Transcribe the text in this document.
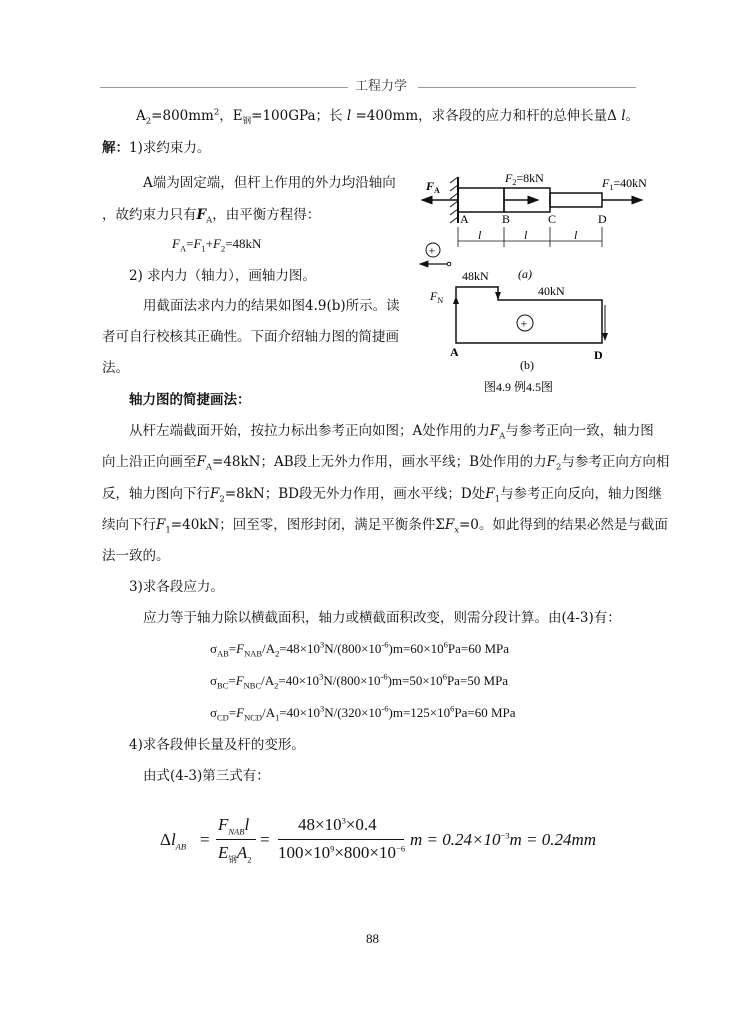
工程力学
$A_2=800mm^2$，$E_钢=100GPa$；长 l =400mm，求各段的应力和杆的总伸长量Δ l。
解：1)求约束力。
A端为固定端，但杆上作用的外力均沿轴向
，故约束力只有$F_A$，由平衡方程得：
$F_A=F_1+F_2=48kN$
2) 求内力（轴力），画轴力图。
用截面法求内力的结果如图4.9(b)所示。读
者可自行校核其正确性。下面介绍轴力图的简捷画
法。
轴力图的简捷画法：
从杆左端截面开始，按拉力标出参考正向如图；A处作用的力$F_A$与参考正向一致，轴力图
向上沿正向画至$F_A=48kN$；AB段上无外力作用，画水平线；B处作用的力$F_2$与参考正向方向相
反，轴力图向下行$F_2=8kN$；BD段无外力作用，画水平线；D处$F_1$与参考正向反向，轴力图继
续向下行$F_1=40kN$；回至零，图形封闭，满足平衡条件$\Sigma F_x=0$。如此得到的结果必然是与截面
法一致的。
3)求各段应力。
应力等于轴力除以横截面积，轴力或横截面积改变，则需分段计算。由(4-3)有：
$\sigma_{AB}=F_{NAB}/A_2=48\times 10^3N/(800\times 10^{-6})m=60\times 10^6Pa=60$ MPa
$\sigma_{BC}=F_{NBC}/A_2=40\times 10^3N/(800\times 10^{-6})m=50\times 10^6Pa=50$ MPa
$\sigma_{CD}=F_{NCD}/A_1=40\times 10^3N/(320\times 10^{-6})m=125\times 10^6Pa=60$ MPa
4)求各段伸长量及杆的变形。
由式(4-3)第三式有：
$\Delta l_{AB}$ =
$F_{NAB}l$
$E_钢A_2$
=
$48\times 10^3\times 0.4$
$100\times 10^9\times 800\times 10^{-6}$ $m = 0.24\times 10^{-3}m = 0.24mm$
$F_A$
$F_2=8kN$	$F_1=40kN$
A	B	C	D
l	l	l
+
(a)
$F_N$
48kN
40kN
+
A	D
(b)
图4.9 例4.5图
88
